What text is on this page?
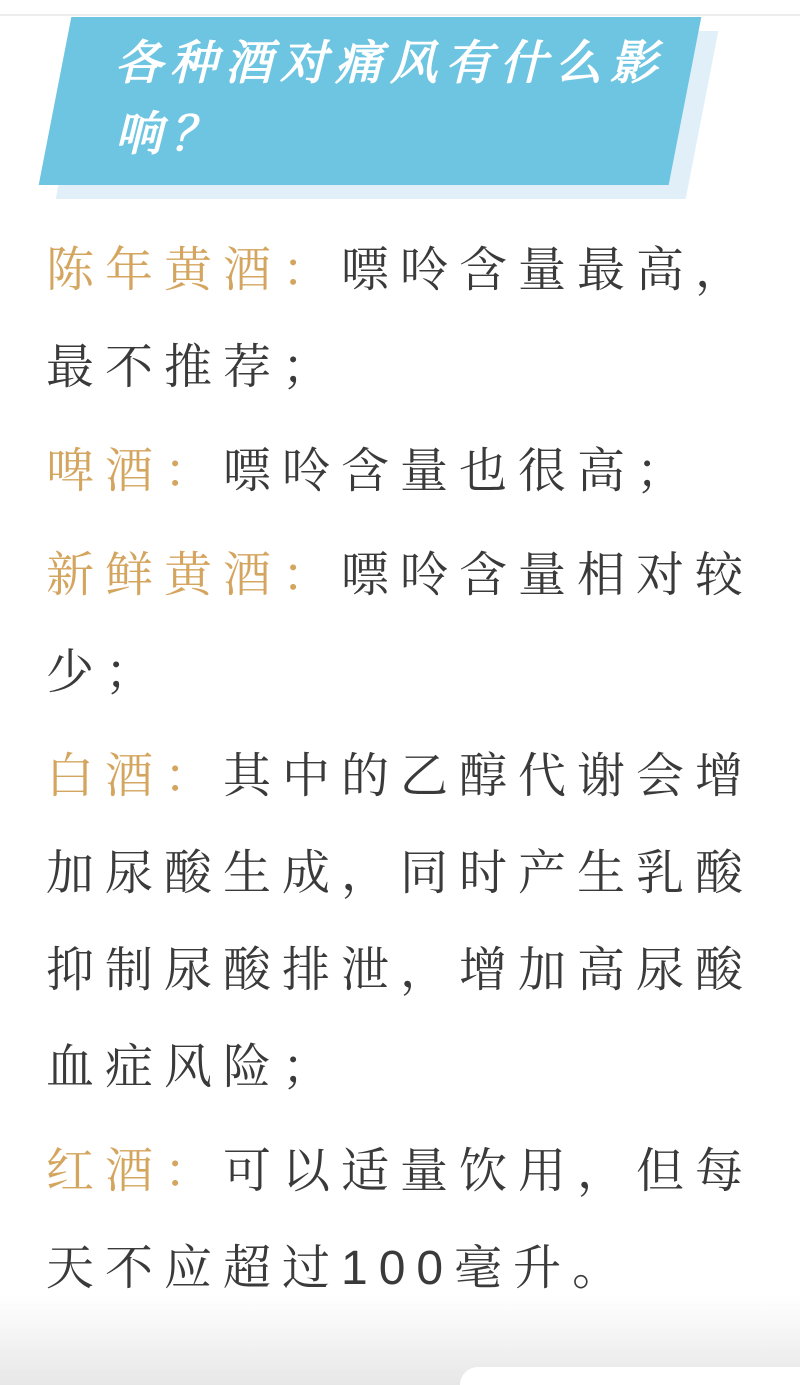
各种酒对痛风有什么影
响？

陈年黄酒：嘌呤含量最高，最不推荐；

啤酒：嘌呤含量也很高；

新鲜黄酒：嘌呤含量相对较少；

白酒：其中的乙醇代谢会增加尿酸生成，同时产生乳酸抑制尿酸排泄，增加高尿酸血症风险；

红酒：可以适量饮用，但每天不应超过100毫升。
